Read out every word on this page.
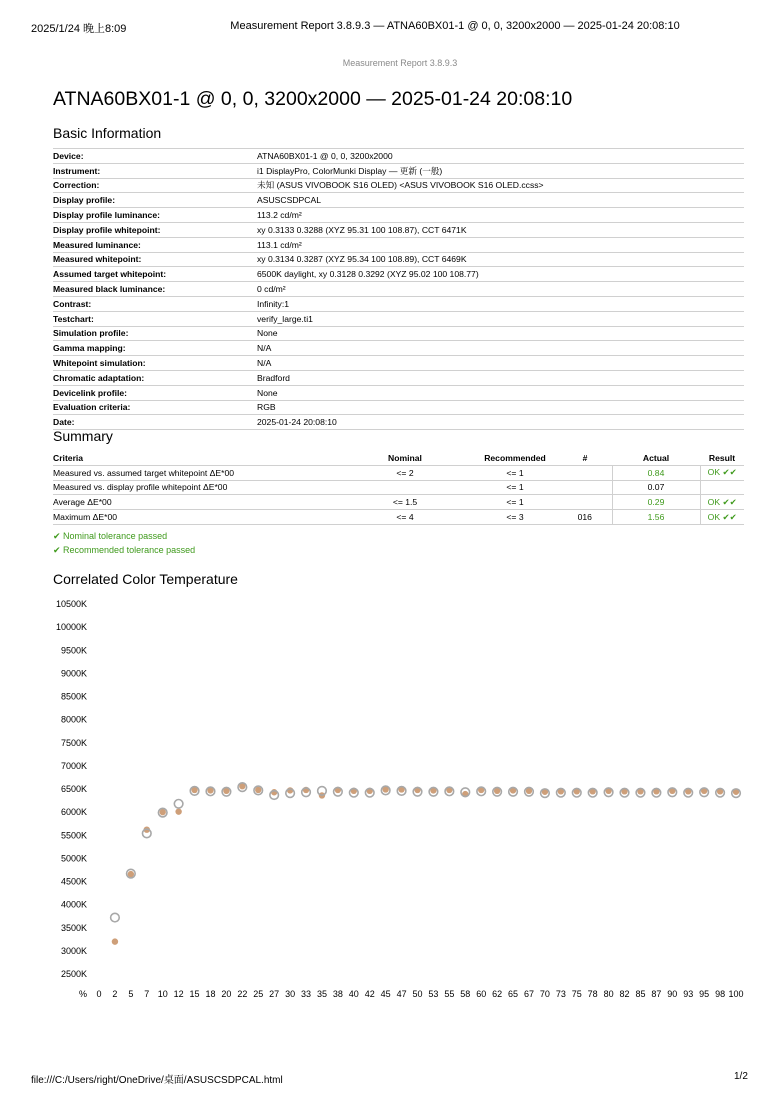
2025/1/24 晚上8:09	Measurement Report 3.8.9.3 — ATNA60BX01-1 @ 0, 0, 3200x2000 — 2025-01-24 20:08:10
Measurement Report 3.8.9.3
ATNA60BX01-1 @ 0, 0, 3200x2000 — 2025-01-24 20:08:10
Basic Information
Device:	ATNA60BX01-1 @ 0, 0, 3200x2000
Instrument:	i1 DisplayPro, ColorMunki Display — 更新 (一般)
Correction:	未知 (ASUS VIVOBOOK S16 OLED) <ASUS VIVOBOOK S16 OLED.ccss>
Display profile:	ASUSCSDPCAL
Display profile luminance:	113.2 cd/m²
Display profile whitepoint:	xy 0.3133 0.3288 (XYZ 95.31 100 108.87), CCT 6471K
Measured luminance:	113.1 cd/m²
Measured whitepoint:	xy 0.3134 0.3287 (XYZ 95.34 100 108.89), CCT 6469K
Assumed target whitepoint:	6500K daylight, xy 0.3128 0.3292 (XYZ 95.02 100 108.77)
Measured black luminance:	0 cd/m²
Contrast:	Infinity:1
Testchart:	verify_large.ti1
Simulation profile:	None
Gamma mapping:	N/A
Whitepoint simulation:	N/A
Chromatic adaptation:	Bradford
Devicelink profile:	None
Evaluation criteria:	RGB
Date:	2025-01-24 20:08:10
Summary
Criteria	Nominal	Recommended	#	Actual	Result
Measured vs. assumed target whitepoint ΔE*00	<= 2	<= 1		0.84	OK ✔✔
Measured vs. display profile whitepoint ΔE*00		<= 1		0.07	
Average ΔE*00	<= 1.5	<= 1		0.29	OK ✔✔
Maximum ΔE*00	<= 4	<= 3	016	1.56	OK ✔✔
✔ Nominal tolerance passed
✔ Recommended tolerance passed
Correlated Color Temperature
10500K
10000K
9500K
9000K
8500K
8000K
7500K
7000K
6500K
6000K
5500K
5000K
4500K
4000K
3500K
3000K
2500K
% 0 2 5 7 10 12 15 18 20 22 25 27 30 33 35 38 40 42 45 47 50 53 55 58 60 62 65 67 70 73 75 78 80 82 85 87 90 93 95 98 100
file:///C:/Users/right/OneDrive/桌面/ASUSCSDPCAL.html	1/2
